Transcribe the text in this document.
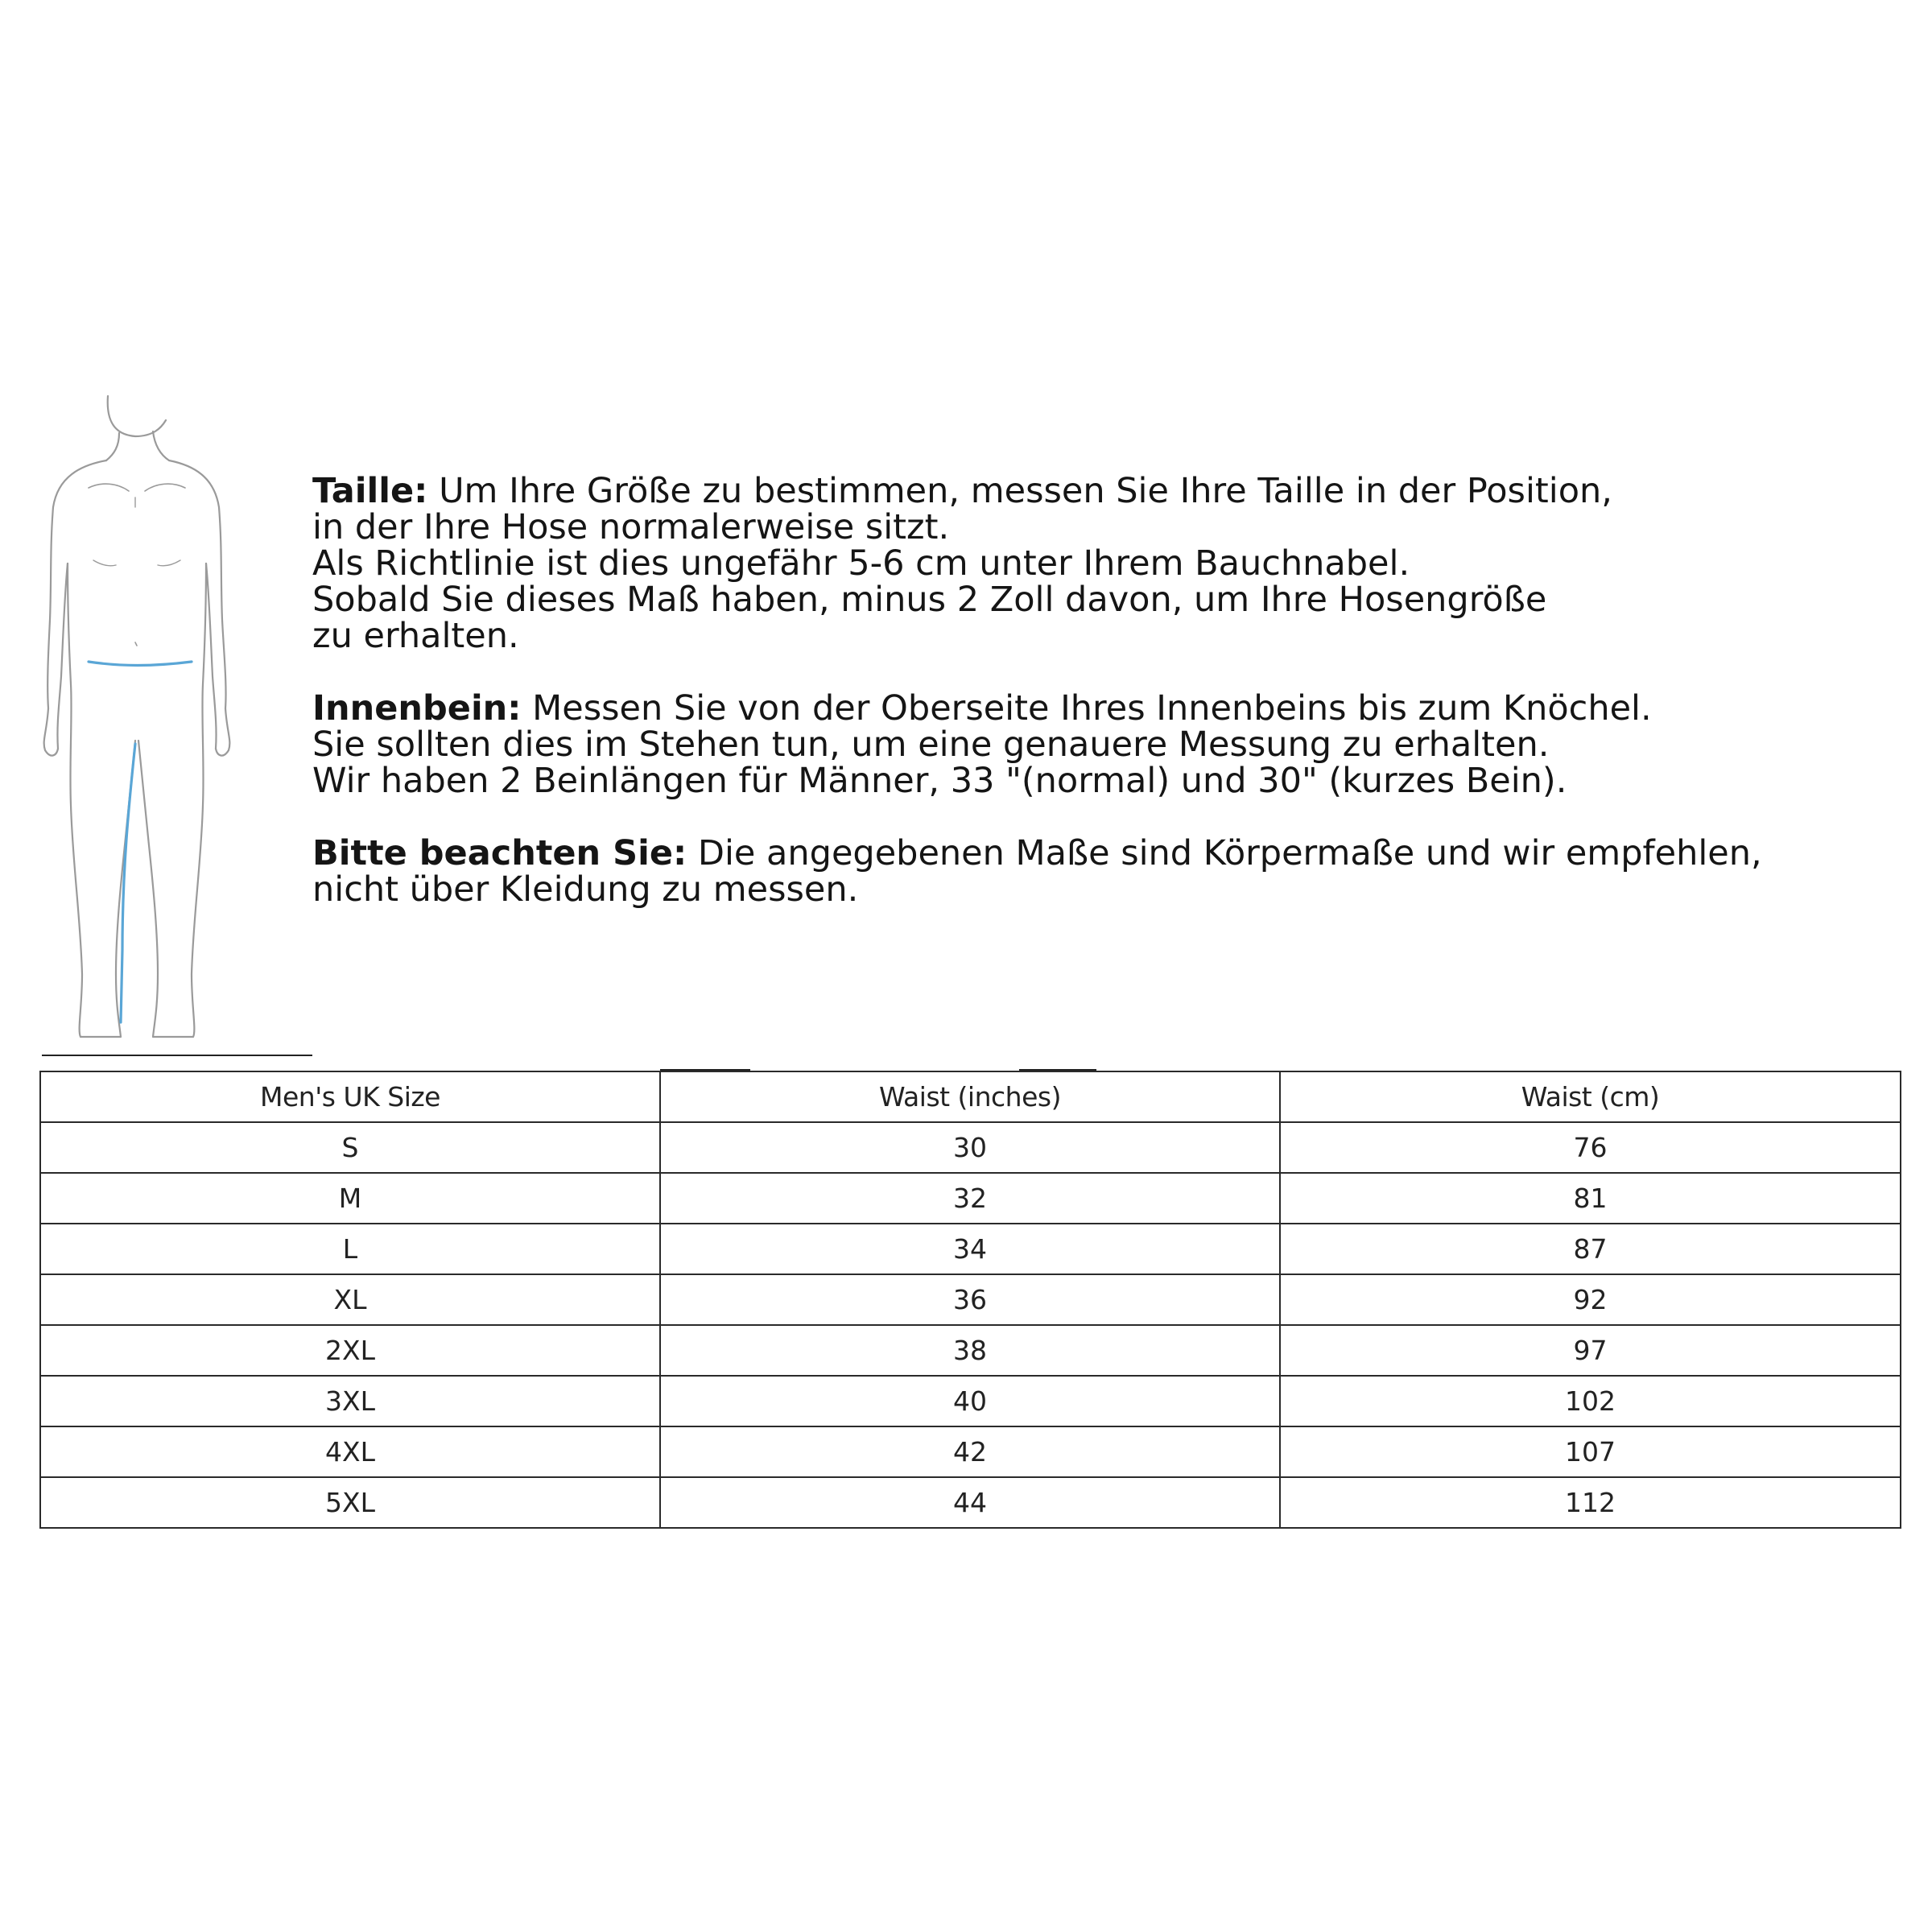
Taille: Um Ihre Größe zu bestimmen, messen Sie Ihre Taille in der Position,
in der Ihre Hose normalerweise sitzt.
Als Richtlinie ist dies ungefähr 5-6 cm unter Ihrem Bauchnabel.
Sobald Sie dieses Maß haben, minus 2 Zoll davon, um Ihre Hosengröße
zu erhalten.

Innenbein: Messen Sie von der Oberseite Ihres Innenbeins bis zum Knöchel.
Sie sollten dies im Stehen tun, um eine genauere Messung zu erhalten.
Wir haben 2 Beinlängen für Männer, 33 "(normal) und 30" (kurzes Bein).

Bitte beachten Sie: Die angegebenen Maße sind Körpermaße und wir empfehlen,
nicht über Kleidung zu messen.

Men's UK Size	Waist (inches)	Waist (cm)
S	30	76
M	32	81
L	34	87
XL	36	92
2XL	38	97
3XL	40	102
4XL	42	107
5XL	44	112
